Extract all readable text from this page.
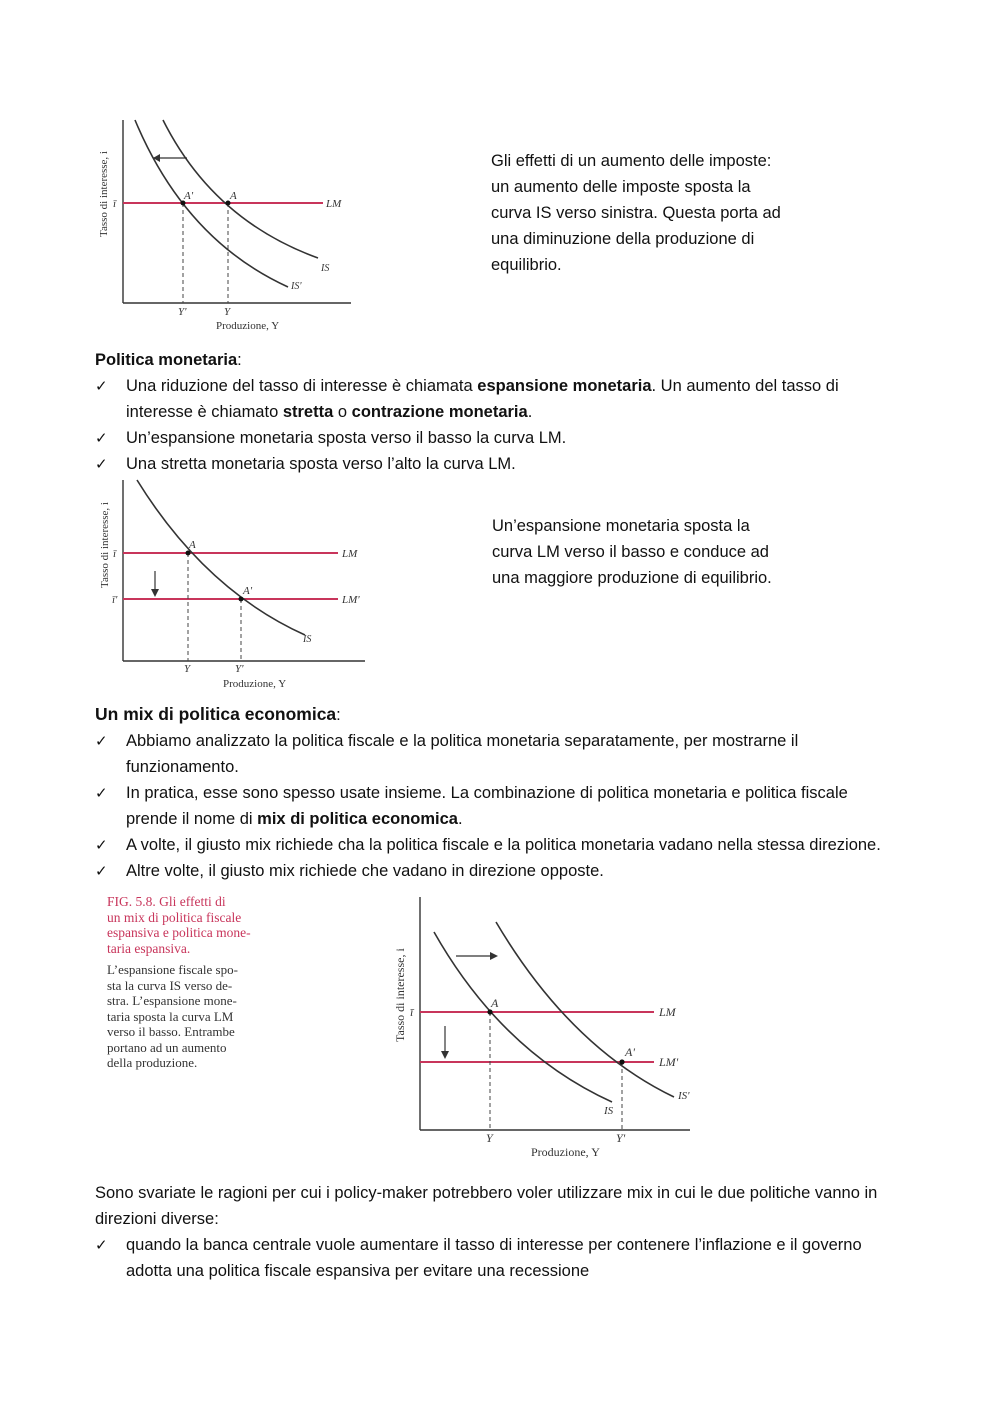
A'	A
LM
IS
IS'
ī
Y'	Y
Produzione, Y
Tasso di interesse, i	Gli effetti di un aumento delle imposte:
un aumento delle imposte sposta la
curva IS verso sinistra. Questa porta ad
una diminuzione della produzione di
equilibrio.
Politica monetaria:
✓ Una riduzione del tasso di interesse è chiamata espansione monetaria. Un aumento del tasso di
interesse è chiamato stretta o contrazione monetaria.
✓ Un’espansione monetaria sposta verso il basso la curva LM.
✓ Una stretta monetaria sposta verso l’alto la curva LM.
A
A'
LM
LM'
IS
ī
ī'
Y	Y'
Produzione, Y
Tasso di interesse, i	Un’espansione monetaria sposta la
curva LM verso il basso e conduce ad
una maggiore produzione di equilibrio.
Un mix di politica economica:
✓ Abbiamo analizzato la politica fiscale e la politica monetaria separatamente, per mostrarne il
funzionamento.
✓ In pratica, esse sono spesso usate insieme. La combinazione di politica monetaria e politica fiscale
prende il nome di mix di politica economica.
✓ A volte, il giusto mix richiede cha la politica fiscale e la politica monetaria vadano nella stessa direzione.
✓ Altre volte, il giusto mix richiede che vadano in direzione opposte.
FIG. 5.8. Gli effetti di
un mix di politica fiscale
espansiva e politica mone-
taria espansiva.
L’espansione fiscale spo-
sta la curva IS verso de-
stra. L’espansione mone-
taria sposta la curva LM
verso il basso. Entrambe
portano ad un aumento
della produzione.
A
A'
LM
LM'
IS
IS'
ī
Y	Y'
Produzione, Y
Tasso di interesse, i
Sono svariate le ragioni per cui i policy-maker potrebbero voler utilizzare mix in cui le due politiche vanno in
direzioni diverse:
✓ quando la banca centrale vuole aumentare il tasso di interesse per contenere l’inflazione e il governo
adotta una politica fiscale espansiva per evitare una recessione
